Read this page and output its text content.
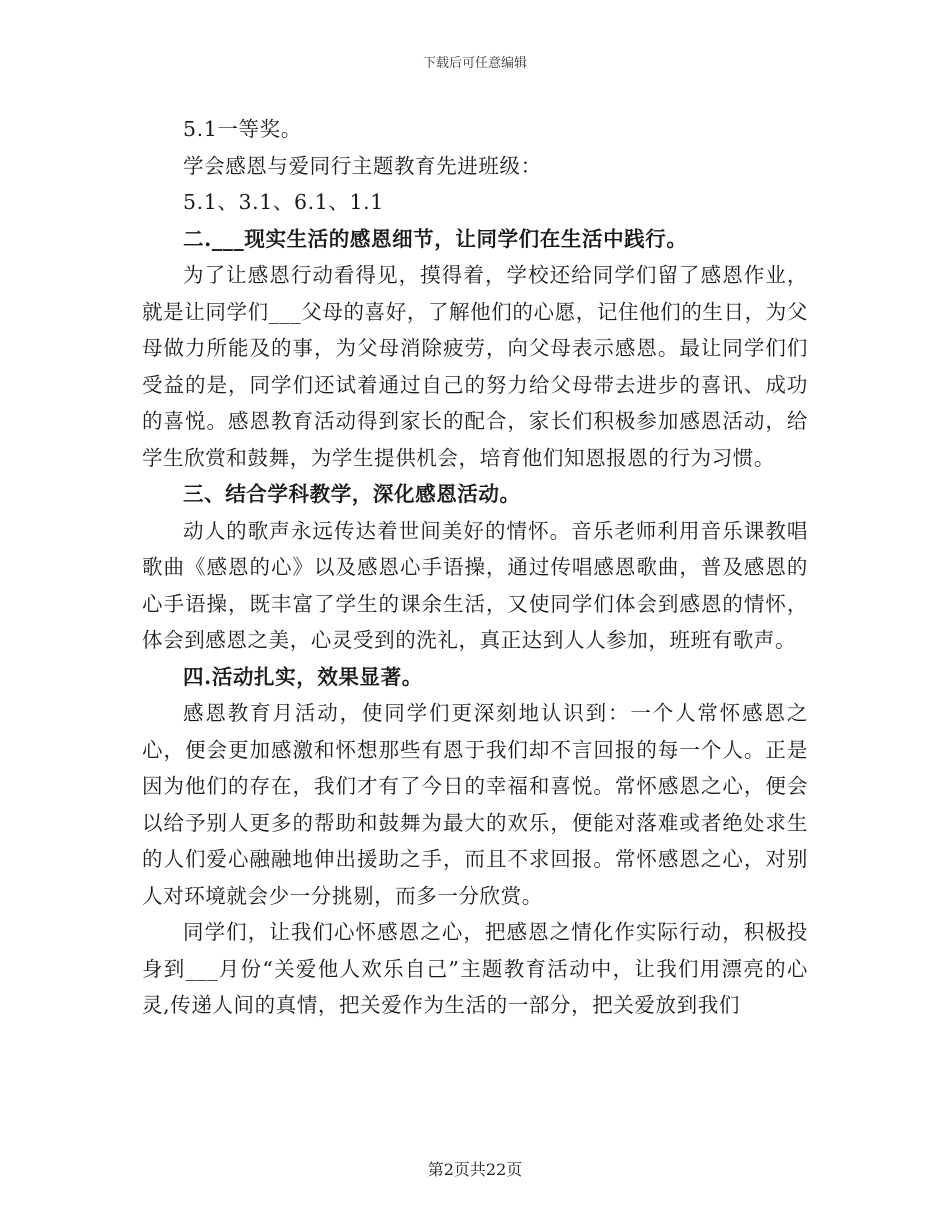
下载后可任意编辑

5.1一等奖。

学会感恩与爱同行主题教育先进班级：

5.1、3.1、6.1、1.1

二.___现实生活的感恩细节，让同学们在生活中践行。

为了让感恩行动看得见，摸得着，学校还给同学们留了感恩作业，就是让同学们___父母的喜好，了解他们的心愿，记住他们的生日，为父母做力所能及的事，为父母消除疲劳，向父母表示感恩。最让同学们们受益的是，同学们还试着通过自己的努力给父母带去进步的喜讯、成功的喜悦。感恩教育活动得到家长的配合，家长们积极参加感恩活动，给学生欣赏和鼓舞，为学生提供机会，培育他们知恩报恩的行为习惯。

三、结合学科教学，深化感恩活动。

动人的歌声永远传达着世间美好的情怀。音乐老师利用音乐课教唱歌曲《感恩的心》以及感恩心手语操，通过传唱感恩歌曲，普及感恩的心手语操，既丰富了学生的课余生活，又使同学们体会到感恩的情怀，体会到感恩之美，心灵受到的洗礼，真正达到人人参加，班班有歌声。

四.活动扎实，效果显著。

感恩教育月活动，使同学们更深刻地认识到：一个人常怀感恩之心，便会更加感激和怀想那些有恩于我们却不言回报的每一个人。正是因为他们的存在，我们才有了今日的幸福和喜悦。常怀感恩之心，便会以给予别人更多的帮助和鼓舞为最大的欢乐，便能对落难或者绝处求生的人们爱心融融地伸出援助之手，而且不求回报。常怀感恩之心，对别人对环境就会少一分挑剔，而多一分欣赏。

同学们，让我们心怀感恩之心，把感恩之情化作实际行动，积极投身到___月份“关爱他人欢乐自己”主题教育活动中，让我们用漂亮的心灵,传递人间的真情，把关爱作为生活的一部分，把关爱放到我们

第2页共22页
